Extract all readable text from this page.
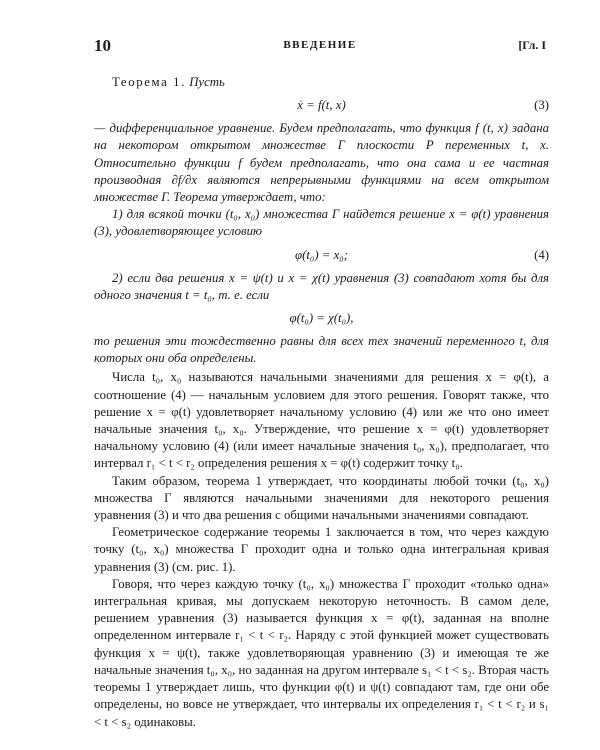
10	ВВЕДЕНИЕ	[Гл. I

Теорема 1. Пусть

ẋ = f(t, x)	(3)

— дифференциальное уравнение. Будем предполагать, что функция f (t, x) задана на некотором открытом множестве Γ плоскости P переменных t, x. Относительно функции f будем предполагать, что она сама и ее частная производная ∂f/∂x являются непрерывными функциями на всем открытом множестве Γ. Теорема утверждает, что:

1) для всякой точки (t₀, x₀) множества Γ найдется решение x = φ(t) уравнения (3), удовлетворяющее условию

φ(t₀) = x₀;	(4)

2) если два решения x = ψ(t) и x = χ(t) уравнения (3) совпадают хотя бы для одного значения t = t₀, т. е. если

φ(t₀) = χ(t₀),

то решения эти тождественно равны для всех тех значений переменного t, для которых они оба определены.

Числа t₀, x₀ называются начальными значениями для решения x = φ(t), а соотношение (4) — начальным условием для этого решения. Говорят также, что решение x = φ(t) удовлетворяет начальному условию (4) или же что оно имеет начальные значения t₀, x₀. Утверждение, что решение x = φ(t) удовлетворяет начальному условию (4) (или имеет начальные значения t₀, x₀), предполагает, что интервал r₁ < t < r₂ определения решения x = φ(t) содержит точку t₀.

Таким образом, теорема 1 утверждает, что координаты любой точки (t₀, x₀) множества Γ являются начальными значениями для некоторого решения уравнения (3) и что два решения с общими начальными значениями совпадают.

Геометрическое содержание теоремы 1 заключается в том, что через каждую точку (t₀, x₀) множества Γ проходит одна и только одна интегральная кривая уравнения (3) (см. рис. 1).

Говоря, что через каждую точку (t₀, x₀) множества Γ проходит «только одна» интегральная кривая, мы допускаем некоторую неточность. В самом деле, решением уравнения (3) называется функция x = φ(t), заданная на вполне определенном интервале r₁ < t < r₂. Наряду с этой функцией может существовать функция x = ψ(t), также удовлетворяющая уравнению (3) и имеющая те же начальные значения t₀, x₀, но заданная на другом интервале s₁ < t < s₂. Вторая часть теоремы 1 утверждает лишь, что функции φ(t) и ψ(t) совпадают там, где они обе определены, но вовсе не утверждает, что интервалы их определения r₁ < t < r₂ и s₁ < t < s₂ одинаковы.
